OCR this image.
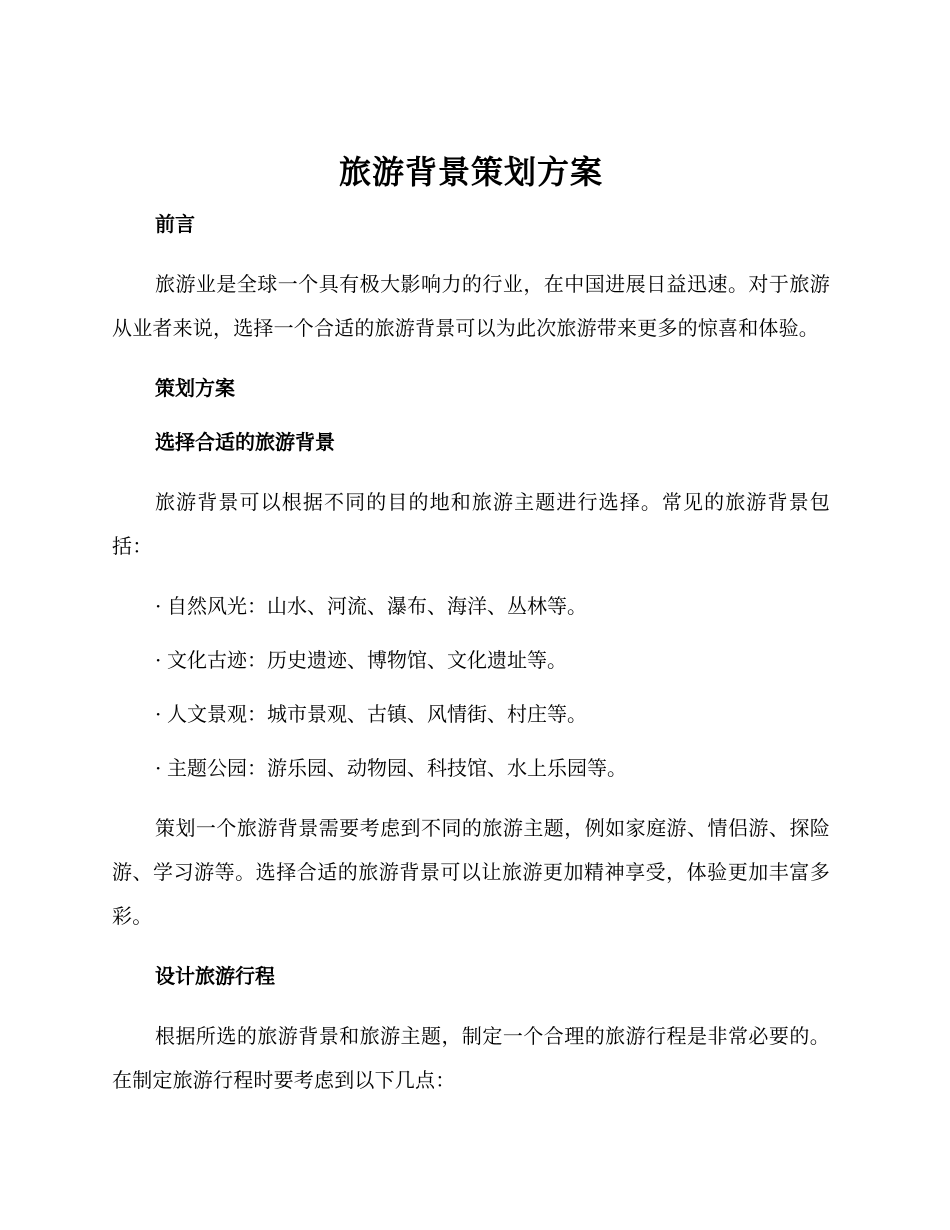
旅游背景策划方案
前言

旅游业是全球一个具有极大影响力的行业，在中国进展日益迅速。对于旅游从业者来说，选择一个合适的旅游背景可以为此次旅游带来更多的惊喜和体验。

策划方案
选择合适的旅游背景

旅游背景可以根据不同的目的地和旅游主题进行选择。常见的旅游背景包括：

· 自然风光：山水、河流、瀑布、海洋、丛林等。
· 文化古迹：历史遗迹、博物馆、文化遗址等。
· 人文景观：城市景观、古镇、风情街、村庄等。
· 主题公园：游乐园、动物园、科技馆、水上乐园等。

策划一个旅游背景需要考虑到不同的旅游主题，例如家庭游、情侣游、探险游、学习游等。选择合适的旅游背景可以让旅游更加精神享受，体验更加丰富多彩。

设计旅游行程

根据所选的旅游背景和旅游主题，制定一个合理的旅游行程是非常必要的。在制定旅游行程时要考虑到以下几点：
